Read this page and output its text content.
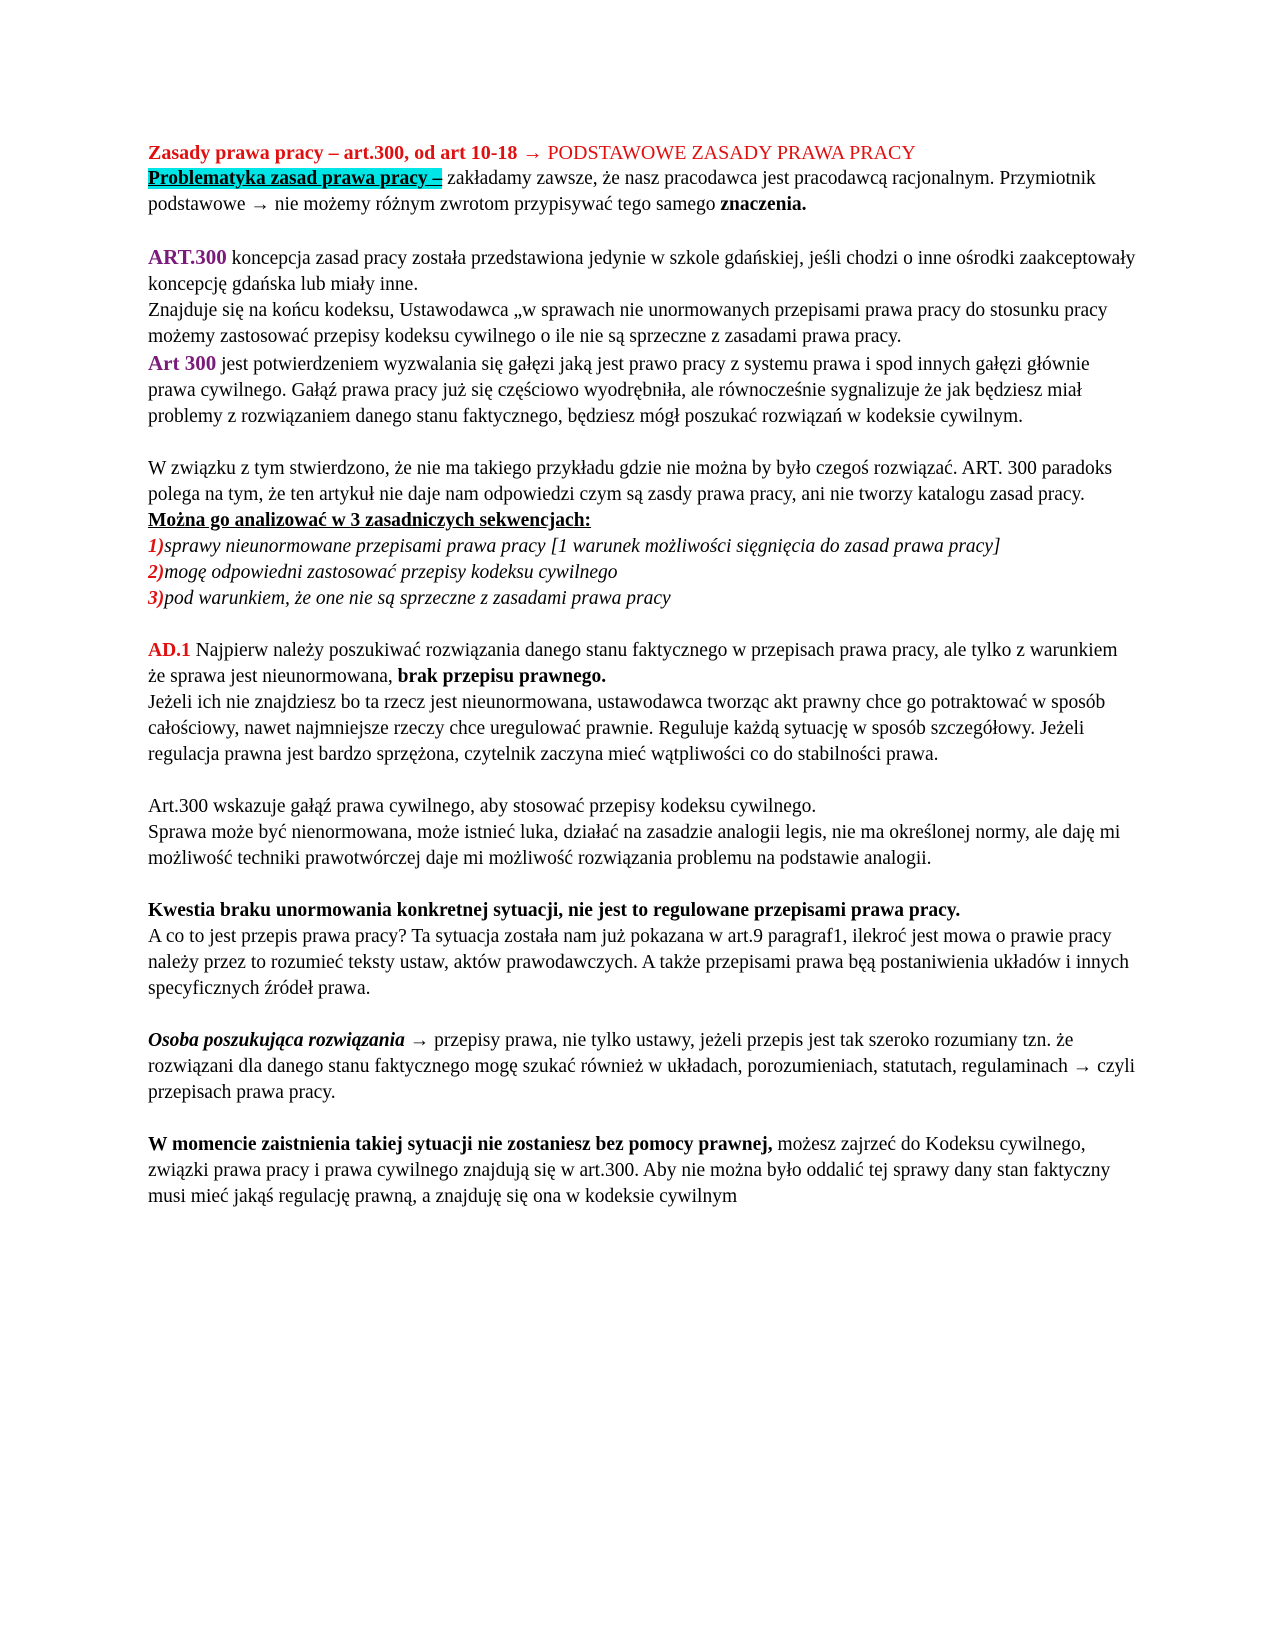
Zasady prawa pracy – art.300, od art 10-18 → PODSTAWOWE ZASADY PRAWA PRACY

Problematyka zasad prawa pracy – zakładamy zawsze, że nasz pracodawca jest pracodawcą racjonalnym. Przymiotnik podstawowe → nie możemy różnym zwrotom przypisywać tego samego znaczenia.

ART.300 koncepcja zasad pracy została przedstawiona jedynie w szkole gdańskiej, jeśli chodzi o inne ośrodki zaakceptowały koncepcję gdańska lub miały inne.

Znajduje się na końcu kodeksu, Ustawodawca „w sprawach nie unormowanych przepisami prawa pracy do stosunku pracy możemy zastosować przepisy kodeksu cywilnego o ile nie są sprzeczne z zasadami prawa pracy.

Art 300 jest potwierdzeniem wyzwalania się gałęzi jaką jest prawo pracy z systemu prawa i spod innych gałęzi głównie prawa cywilnego. Gałąź prawa pracy już się częściowo wyodrębniła, ale równocześnie sygnalizuje że jak będziesz miał problemy z rozwiązaniem danego stanu faktycznego, będziesz mógł poszukać rozwiązań w kodeksie cywilnym.

W związku z tym stwierdzono, że nie ma takiego przykładu gdzie nie można by było czegoś rozwiązać. ART. 300 paradoks polega na tym, że ten artykuł nie daje nam odpowiedzi czym są zasdy prawa pracy, ani nie tworzy katalogu zasad pracy. Można go analizować w 3 zasadniczych sekwencjach:

1)sprawy nieunormowane przepisami prawa pracy [1 warunek możliwości sięgnięcia do zasad prawa pracy]

2)mogę odpowiedni zastosować przepisy kodeksu cywilnego

3)pod warunkiem, że one nie są sprzeczne z zasadami prawa pracy

AD.1 Najpierw należy poszukiwać rozwiązania danego stanu faktycznego w przepisach prawa pracy, ale tylko z warunkiem że sprawa jest nieunormowana, brak przepisu prawnego.

Jeżeli ich nie znajdziesz bo ta rzecz jest nieunormowana, ustawodawca tworząc akt prawny chce go potraktować w sposób całościowy, nawet najmniejsze rzeczy chce uregulować prawnie. Reguluje każdą sytuację w sposób szczegółowy. Jeżeli regulacja prawna jest bardzo sprzężona, czytelnik zaczyna mieć wątpliwości co do stabilności prawa.

Art.300 wskazuje gałąź prawa cywilnego, aby stosować przepisy kodeksu cywilnego.

Sprawa może być nienormowana, może istnieć luka, działać na zasadzie analogii legis, nie ma określonej normy, ale daję mi możliwość techniki prawotwórczej daje mi możliwość rozwiązania problemu na podstawie analogii.

Kwestia braku unormowania konkretnej sytuacji, nie jest to regulowane przepisami prawa pracy.

A co to jest przepis prawa pracy? Ta sytuacja została nam już pokazana w art.9 paragraf1, ilekroć jest mowa o prawie pracy należy przez to rozumieć teksty ustaw, aktów prawodawczych. A także przepisami prawa bęą postaniwienia układów i innych specyficznych źródeł prawa.

Osoba poszukująca rozwiązania → przepisy prawa, nie tylko ustawy, jeżeli przepis jest tak szeroko rozumiany tzn. że rozwiązani dla danego stanu faktycznego mogę szukać również w układach, porozumieniach, statutach, regulaminach → czyli przepisach prawa pracy.

W momencie zaistnienia takiej sytuacji nie zostaniesz bez pomocy prawnej, możesz zajrzeć do Kodeksu cywilnego, związki prawa pracy i prawa cywilnego znajdują się w art.300. Aby nie można było oddalić tej sprawy dany stan faktyczny musi mieć jakąś regulację prawną, a znajduję się ona w kodeksie cywilnym
